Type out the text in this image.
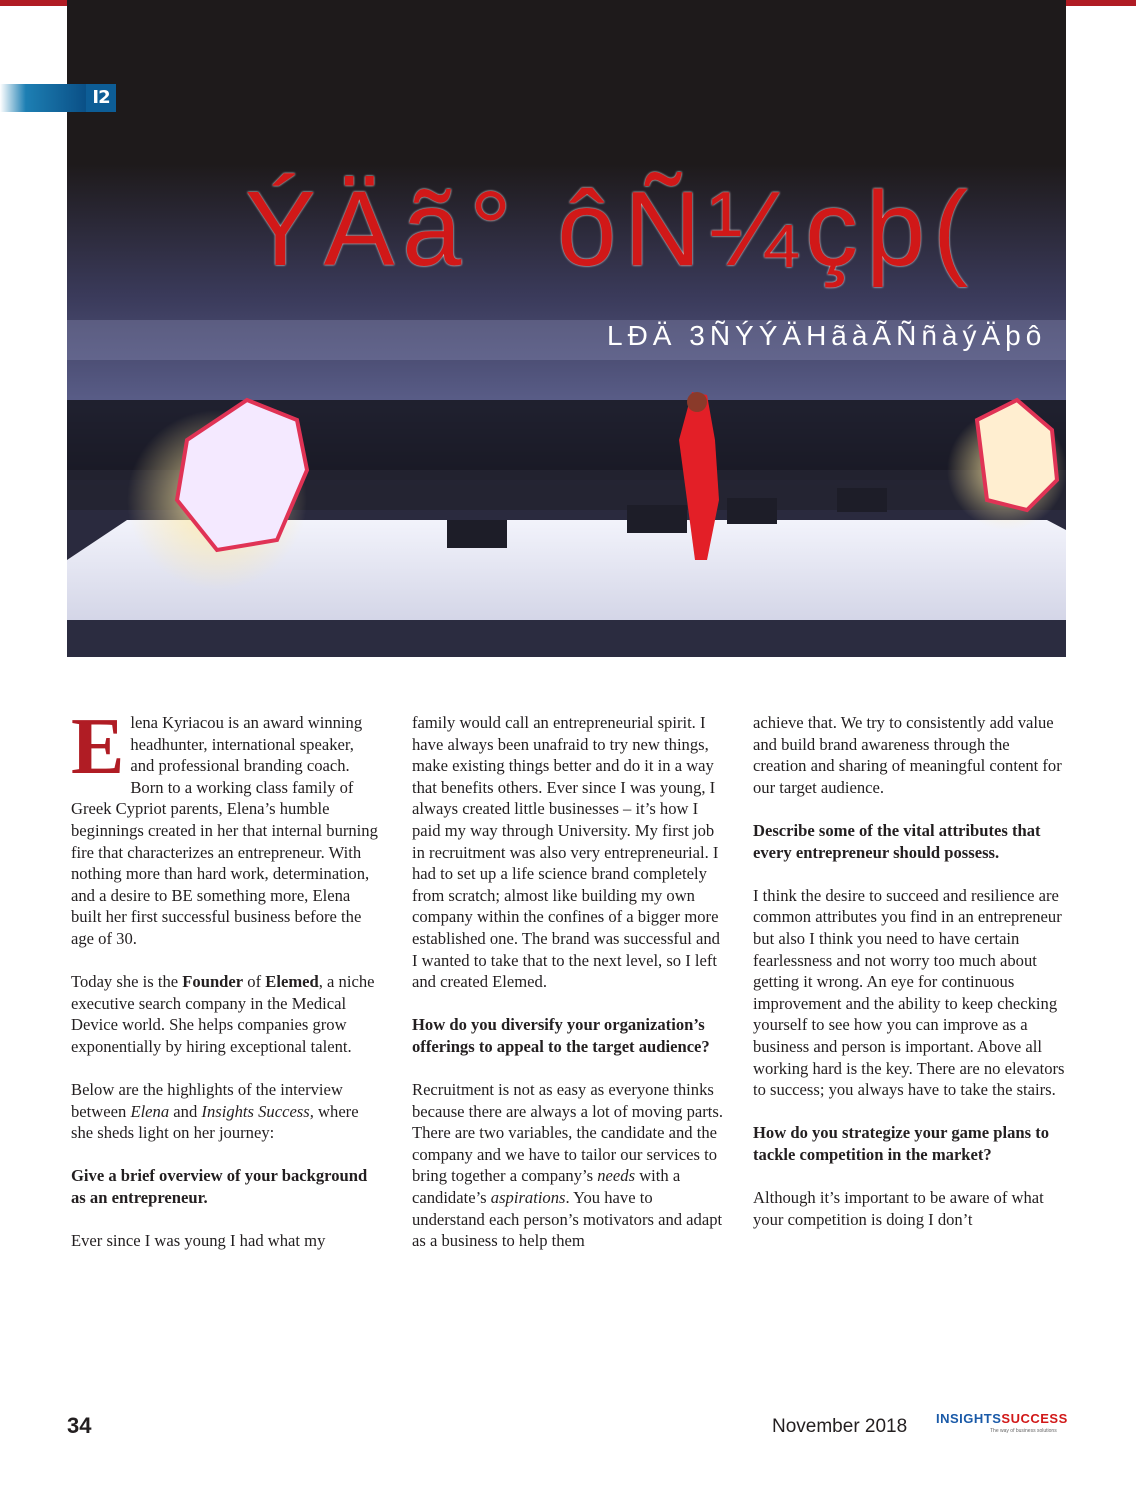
ÝÄã° ôÑ¼çþ(
LÐÄ 3ÑÝÝÄHãàÃÑñàýÄþô
I2

Elena Kyriacou is an award winning headhunter, international speaker, and professional branding coach. Born to a working class family of Greek Cypriot parents, Elena’s humble beginnings created in her that internal burning fire that characterizes an entrepreneur. With nothing more than hard work, determination, and a desire to BE something more, Elena built her first successful business before the age of 30.

Today she is the Founder of Elemed, a niche executive search company in the Medical Device world. She helps companies grow exponentially by hiring exceptional talent.

Below are the highlights of the interview between Elena and Insights Success, where she sheds light on her journey:

Give a brief overview of your background as an entrepreneur.

Ever since I was young I had what my

family would call an entrepreneurial spirit. I have always been unafraid to try new things, make existing things better and do it in a way that benefits others. Ever since I was young, I always created little businesses – it’s how I paid my way through University. My first job in recruitment was also very entrepreneurial. I had to set up a life science brand completely from scratch; almost like building my own company within the confines of a bigger more established one. The brand was successful and I wanted to take that to the next level, so I left and created Elemed.

How do you diversify your organization’s offerings to appeal to the target audience?

Recruitment is not as easy as everyone thinks because there are always a lot of moving parts. There are two variables, the candidate and the company and we have to tailor our services to bring together a company’s needs with a candidate’s aspirations. You have to understand each person’s motivators and adapt as a business to help them

achieve that. We try to consistently add value and build brand awareness through the creation and sharing of meaningful content for our target audience.

Describe some of the vital attributes that every entrepreneur should possess.

I think the desire to succeed and resilience are common attributes you find in an entrepreneur but also I think you need to have certain fearlessness and not worry too much about getting it wrong. An eye for continuous improvement and the ability to keep checking yourself to see how you can improve as a business and person is important. Above all working hard is the key. There are no elevators to success; you always have to take the stairs.

How do you strategize your game plans to tackle competition in the market?

Although it’s important to be aware of what your competition is doing I don’t

34	November 2018 INSIGHTSSUCCESS
The way of business solutions
